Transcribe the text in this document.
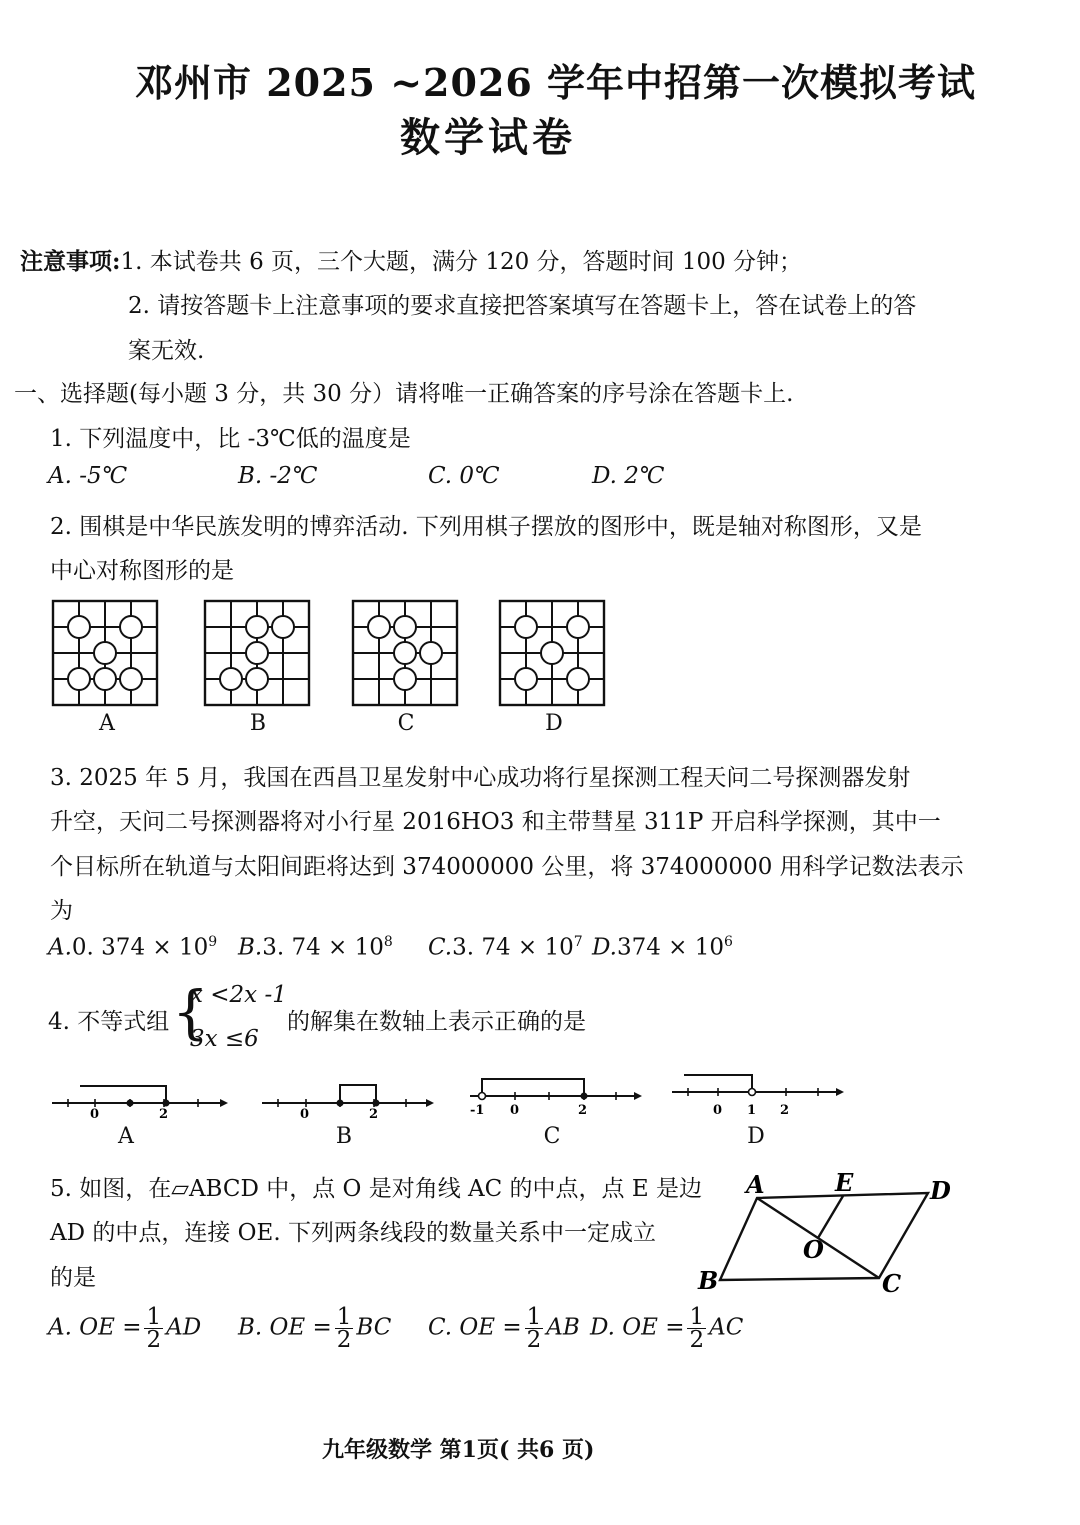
邓州市 2025 ~2026 学年中招第一次模拟考试
数学试卷
注意事项:1. 本试卷共 6 页，三个大题，满分 120 分，答题时间 100 分钟；
2. 请按答题卡上注意事项的要求直接把答案填写在答题卡上，答在试卷上的答
案无效.
一、选择题(每小题 3 分，共 30 分）请将唯一正确答案的序号涂在答题卡上.
1. 下列温度中，比 -3℃低的温度是
A. -5℃	B. -2℃	C. 0℃	D. 2℃
2. 围棋是中华民族发明的博弈活动. 下列用棋子摆放的图形中，既是轴对称图形，又是
中心对称图形的是
A	B	C	D
3. 2025 年 5 月，我国在西昌卫星发射中心成功将行星探测工程天问二号探测器发射
升空，天问二号探测器将对小行星 2016HO3 和主带彗星 311P 开启科学探测，其中一
个目标所在轨道与太阳间距将达到 374000000 公里，将 374000000 用科学记数法表示
为
A.0. $374 \times 10^9$ B.3. $74 \times 10^8$ C.3. $74 \times 10^7$ $D.374 \times 10^6$
4. 不等式组 {
x <2x -1
3x ≤6
的解集在数轴上表示正确的是
0	2	0	2	-1 0	2	0 1 2
A	B	C	D
5. 如图，在▱ABCD 中，点 O 是对角线 AC 的中点，点 E 是边
AD 的中点，连接 OE. 下列两条线段的数量关系中一定成立
的是
A	E	D
O
B	C
A. OE = $\frac{1}{2}$ AD B. OE = $\frac{1}{2}$ BC C. OE = $\frac{1}{2}$ AB D. OE = $\frac{1}{2}$ AC
九年级数学 第1页( 共6 页)
